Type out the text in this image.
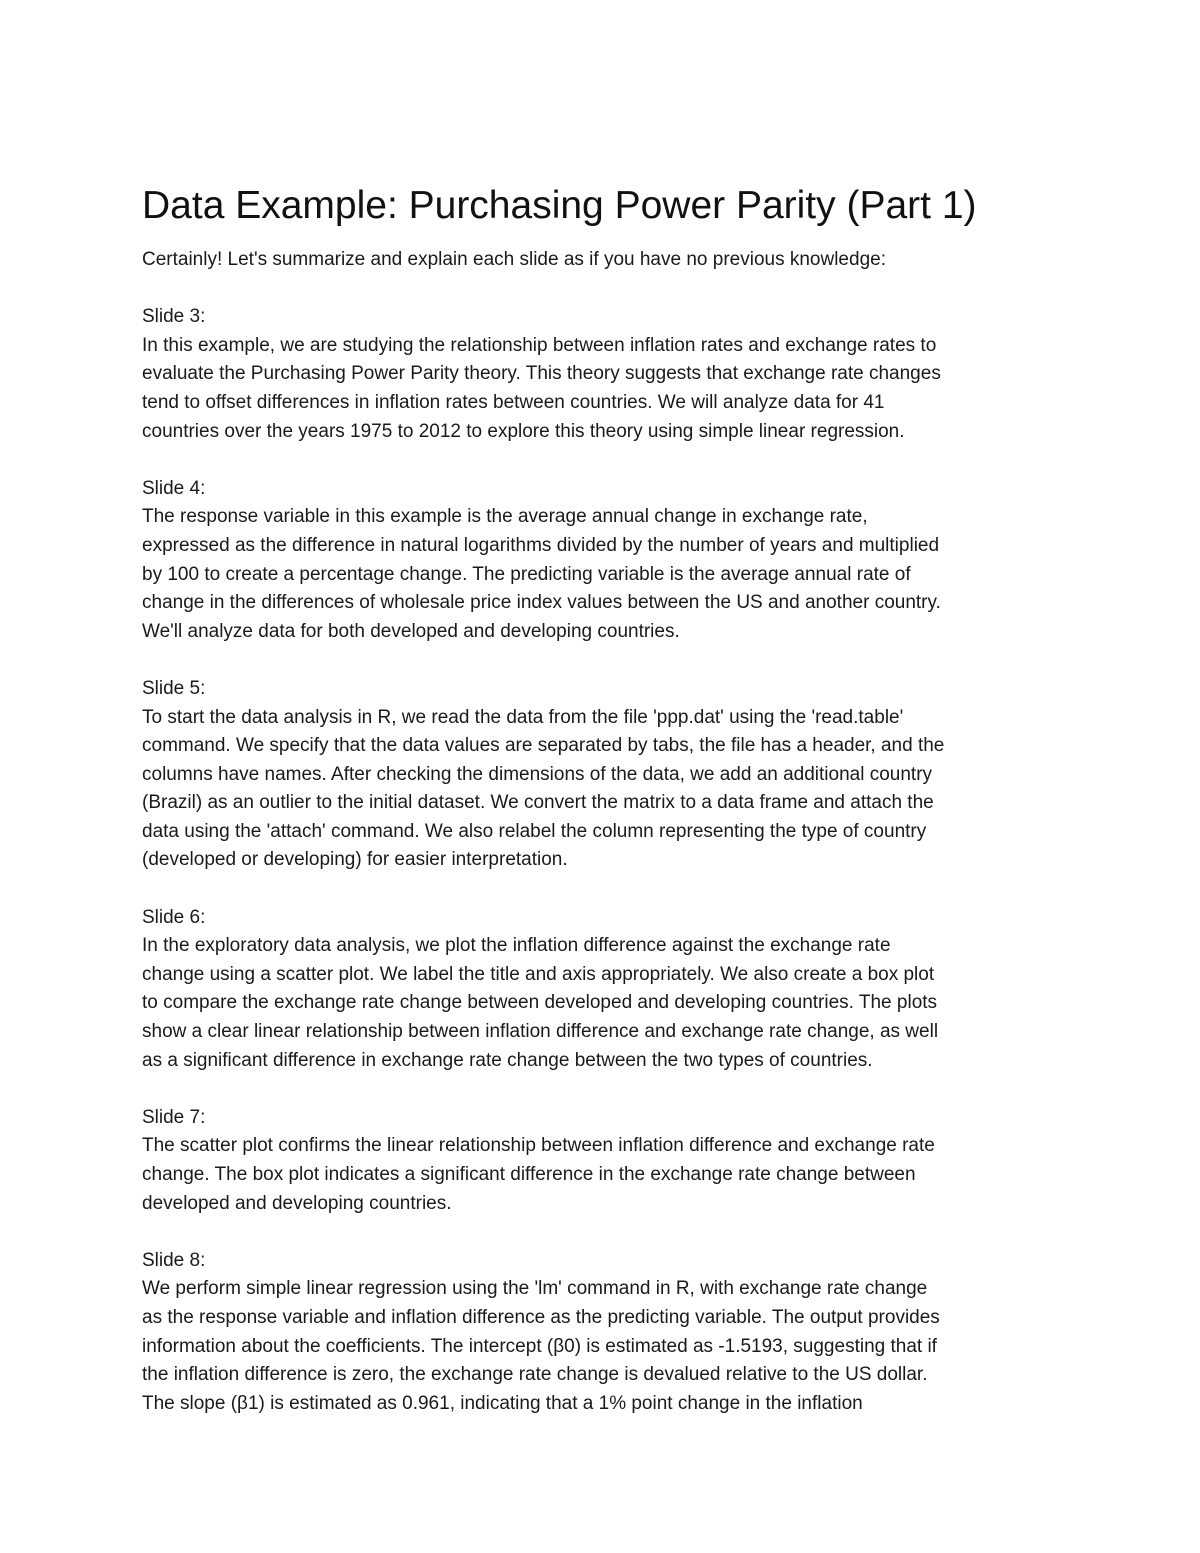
Data Example: Purchasing Power Parity (Part 1)

Certainly! Let's summarize and explain each slide as if you have no previous knowledge:

Slide 3:

In this example, we are studying the relationship between inflation rates and exchange rates to
evaluate the Purchasing Power Parity theory. This theory suggests that exchange rate changes
tend to offset differences in inflation rates between countries. We will analyze data for 41
countries over the years 1975 to 2012 to explore this theory using simple linear regression.

Slide 4:

The response variable in this example is the average annual change in exchange rate,
expressed as the difference in natural logarithms divided by the number of years and multiplied
by 100 to create a percentage change. The predicting variable is the average annual rate of
change in the differences of wholesale price index values between the US and another country.
We'll analyze data for both developed and developing countries.

Slide 5:

To start the data analysis in R, we read the data from the file 'ppp.dat' using the 'read.table'
command. We specify that the data values are separated by tabs, the file has a header, and the
columns have names. After checking the dimensions of the data, we add an additional country
(Brazil) as an outlier to the initial dataset. We convert the matrix to a data frame and attach the
data using the 'attach' command. We also relabel the column representing the type of country
(developed or developing) for easier interpretation.

Slide 6:

In the exploratory data analysis, we plot the inflation difference against the exchange rate
change using a scatter plot. We label the title and axis appropriately. We also create a box plot
to compare the exchange rate change between developed and developing countries. The plots
show a clear linear relationship between inflation difference and exchange rate change, as well
as a significant difference in exchange rate change between the two types of countries.

Slide 7:

The scatter plot confirms the linear relationship between inflation difference and exchange rate
change. The box plot indicates a significant difference in the exchange rate change between
developed and developing countries.

Slide 8:

We perform simple linear regression using the 'lm' command in R, with exchange rate change
as the response variable and inflation difference as the predicting variable. The output provides
information about the coefficients. The intercept (β0) is estimated as -1.5193, suggesting that if
the inflation difference is zero, the exchange rate change is devalued relative to the US dollar.
The slope (β1) is estimated as 0.961, indicating that a 1% point change in the inflation
